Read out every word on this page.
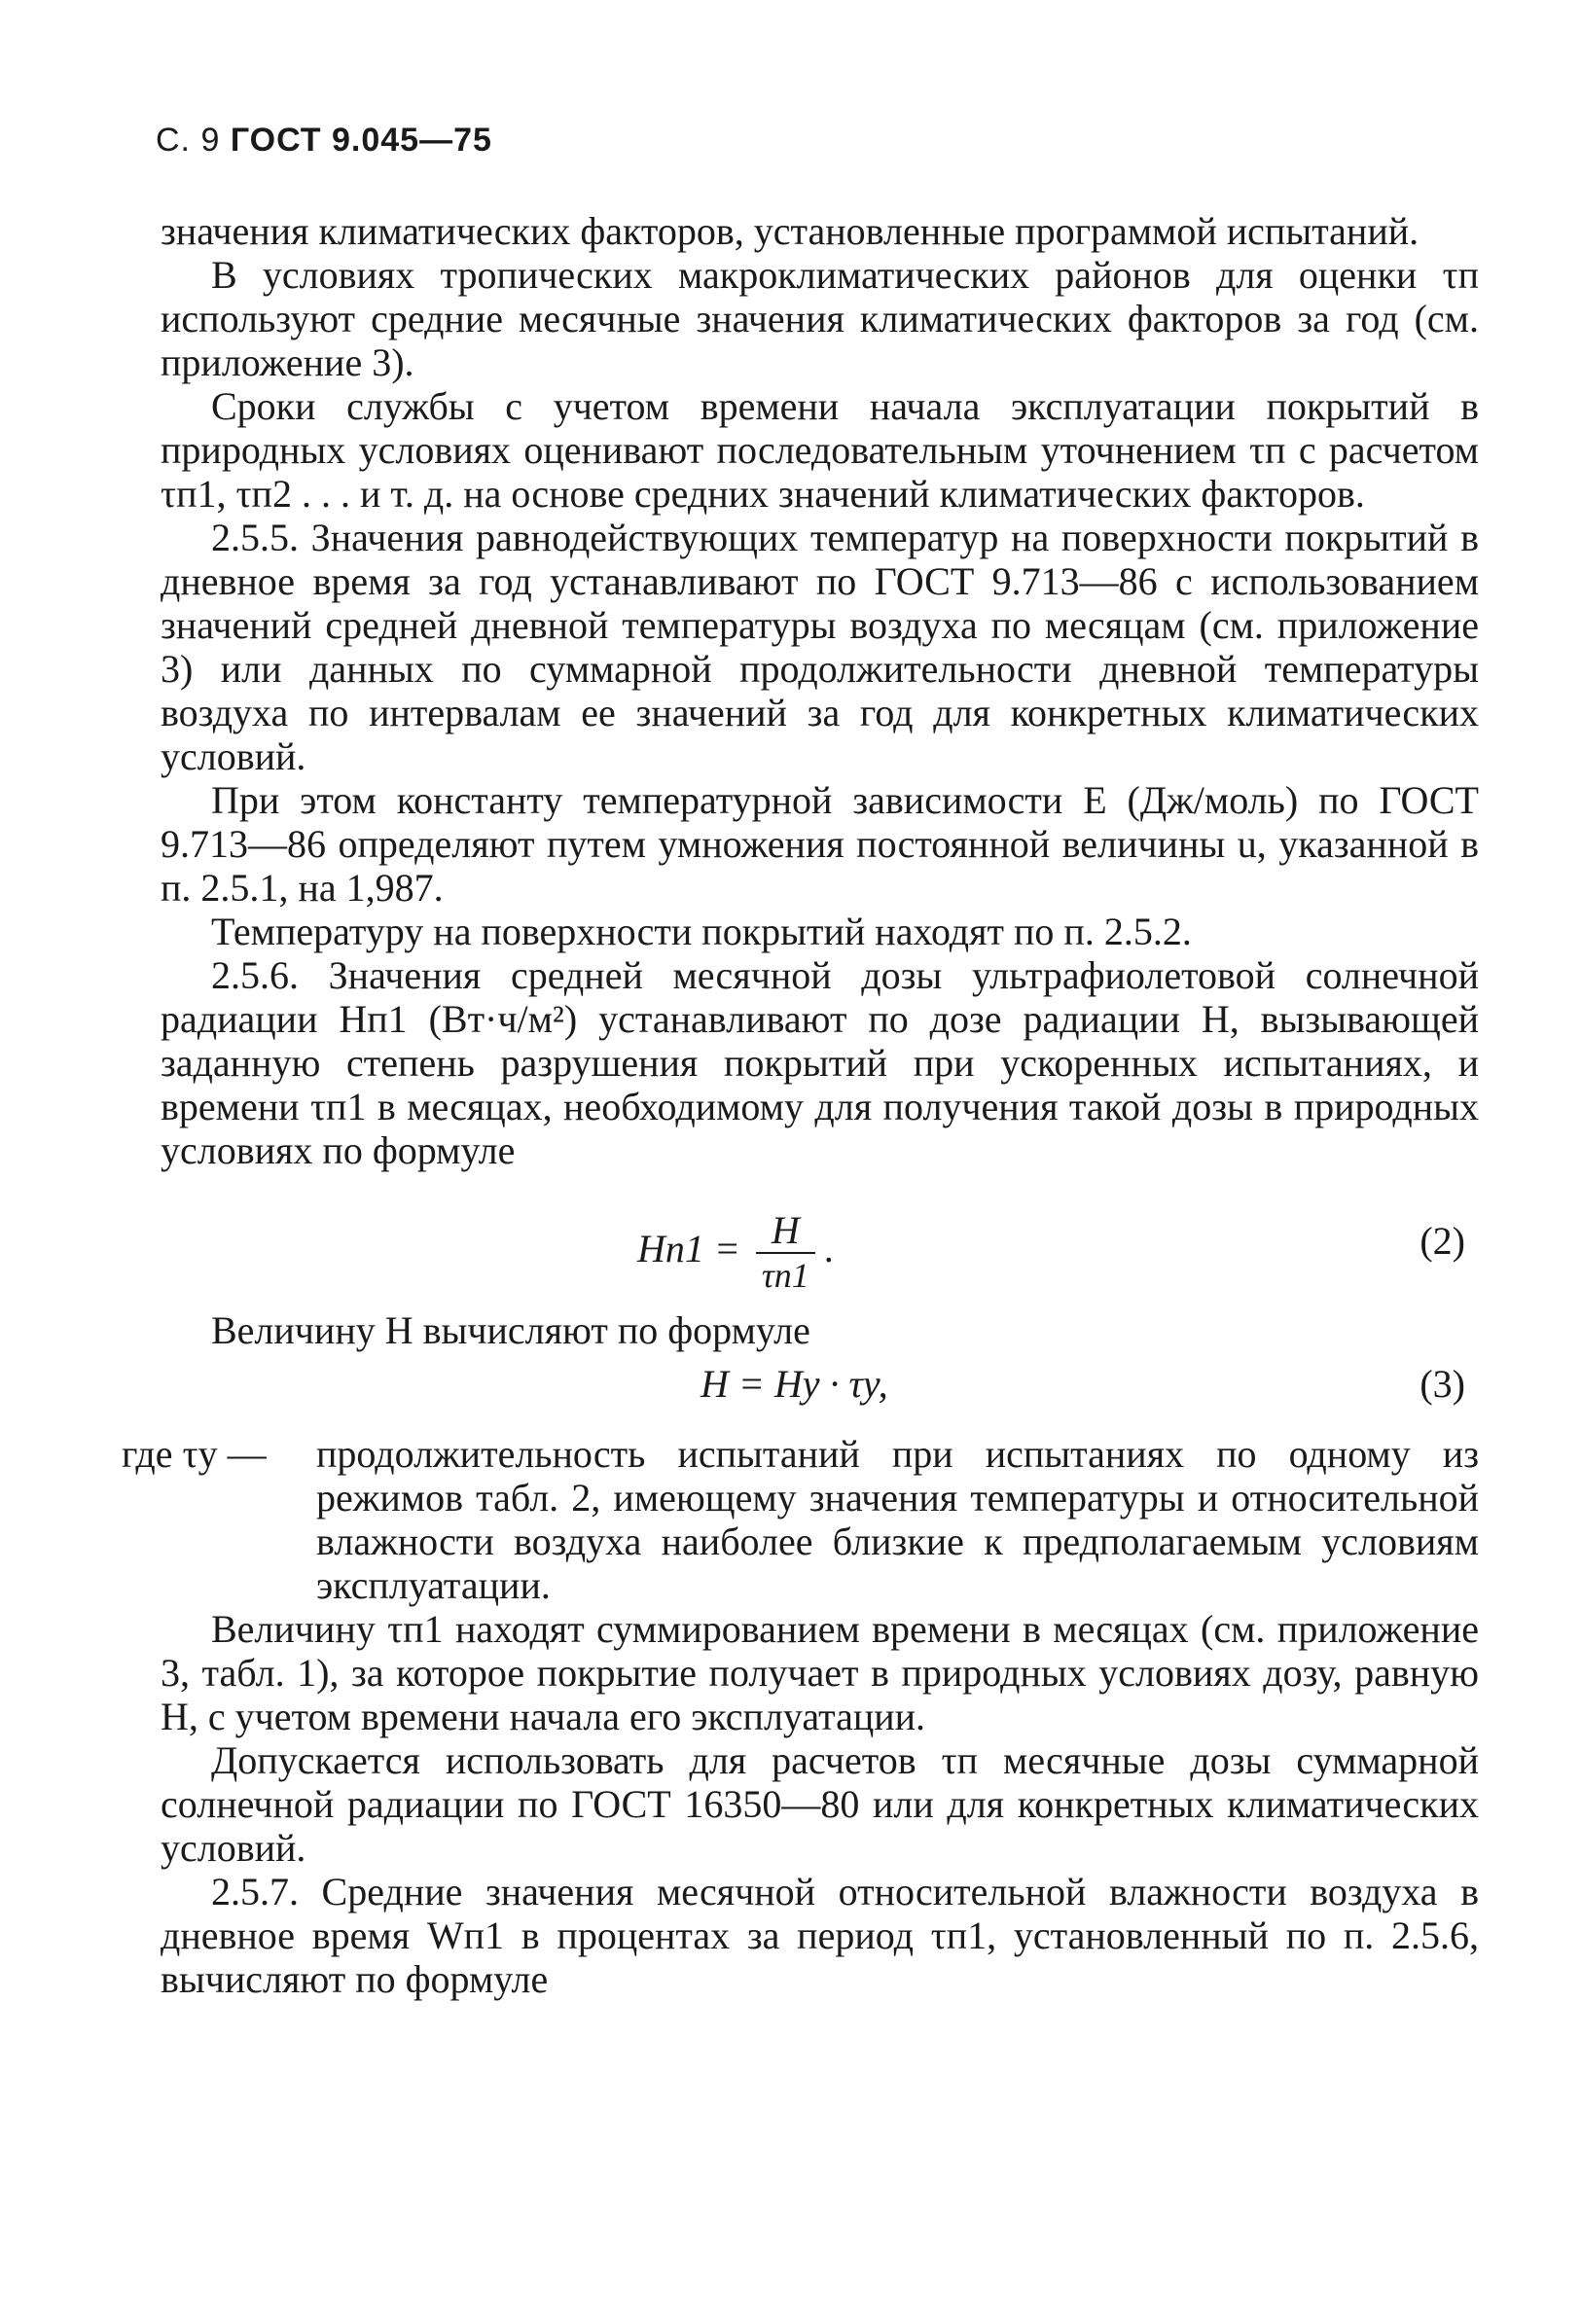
С. 9 ГОСТ 9.045—75

значения климатических факторов, установленные программой испытаний.

В условиях тропических макроклиматических районов для оценки τп используют средние месячные значения климатических факторов за год (см. приложение 3).

Сроки службы с учетом времени начала эксплуатации покрытий в природных условиях оценивают последовательным уточнением τп с расчетом τп1, τп2 . . . и т. д. на основе средних значений климатических факторов.

2.5.5. Значения равнодействующих температур на поверхности покрытий в дневное время за год устанавливают по ГОСТ 9.713—86 с использованием значений средней дневной температуры воздуха по месяцам (см. приложение 3) или данных по суммарной продолжительности дневной температуры воздуха по интервалам ее значений за год для конкретных климатических условий.

При этом константу температурной зависимости E (Дж/моль) по ГОСТ 9.713—86 определяют путем умножения постоянной величины u, указанной в п. 2.5.1, на 1,987.

Температуру на поверхности покрытий находят по п. 2.5.2.

2.5.6. Значения средней месячной дозы ультрафиолетовой солнечной радиации Hп1 (Вт·ч/м²) устанавливают по дозе радиации H, вызывающей заданную степень разрушения покрытий при ускоренных испытаниях, и времени τп1 в месяцах, необходимому для получения такой дозы в природных условиях по формуле

$Hп1 = \frac{H}{\tau п1}$ .	(2)

Величину H вычисляют по формуле

H = Hу · τу,	(3)
где τу —	продолжительность испытаний при испытаниях по одному из режимов табл. 2, имеющему значения температуры и относительной влажности воздуха наиболее близкие к предполагаемым условиям эксплуатации.

Величину τп1 находят суммированием времени в месяцах (см. приложение 3, табл. 1), за которое покрытие получает в природных условиях дозу, равную H, с учетом времени начала его эксплуатации.

Допускается использовать для расчетов τп месячные дозы суммарной солнечной радиации по ГОСТ 16350—80 или для конкретных климатических условий.

2.5.7. Средние значения месячной относительной влажности воздуха в дневное время Wп1 в процентах за период τп1, установленный по п. 2.5.6, вычисляют по формуле
